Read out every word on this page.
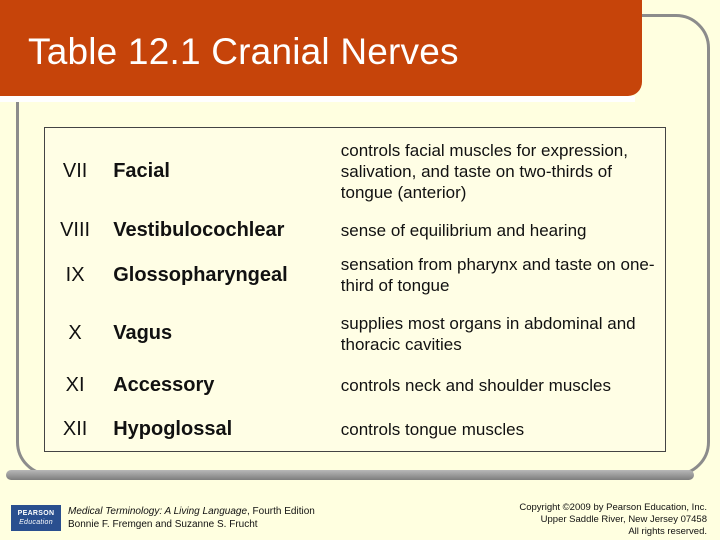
Table 12.1 Cranial Nerves
VII	Facial	controls facial muscles for expression, salivation, and taste on two-thirds of tongue (anterior)
VIII	Vestibulocochlear	sense of equilibrium and hearing
IX	Glossopharyngeal	sensation from pharynx and taste on one-third of tongue
X	Vagus	supplies most organs in abdominal and thoracic cavities
XI	Accessory	controls neck and shoulder muscles
XII	Hypoglossal	controls tongue muscles
PEARSON
Education
Medical Terminology: A Living Language, Fourth Edition
Bonnie F. Fremgen and Suzanne S. Frucht
Copyright ©2009 by Pearson Education, Inc.
Upper Saddle River, New Jersey 07458
All rights reserved.
